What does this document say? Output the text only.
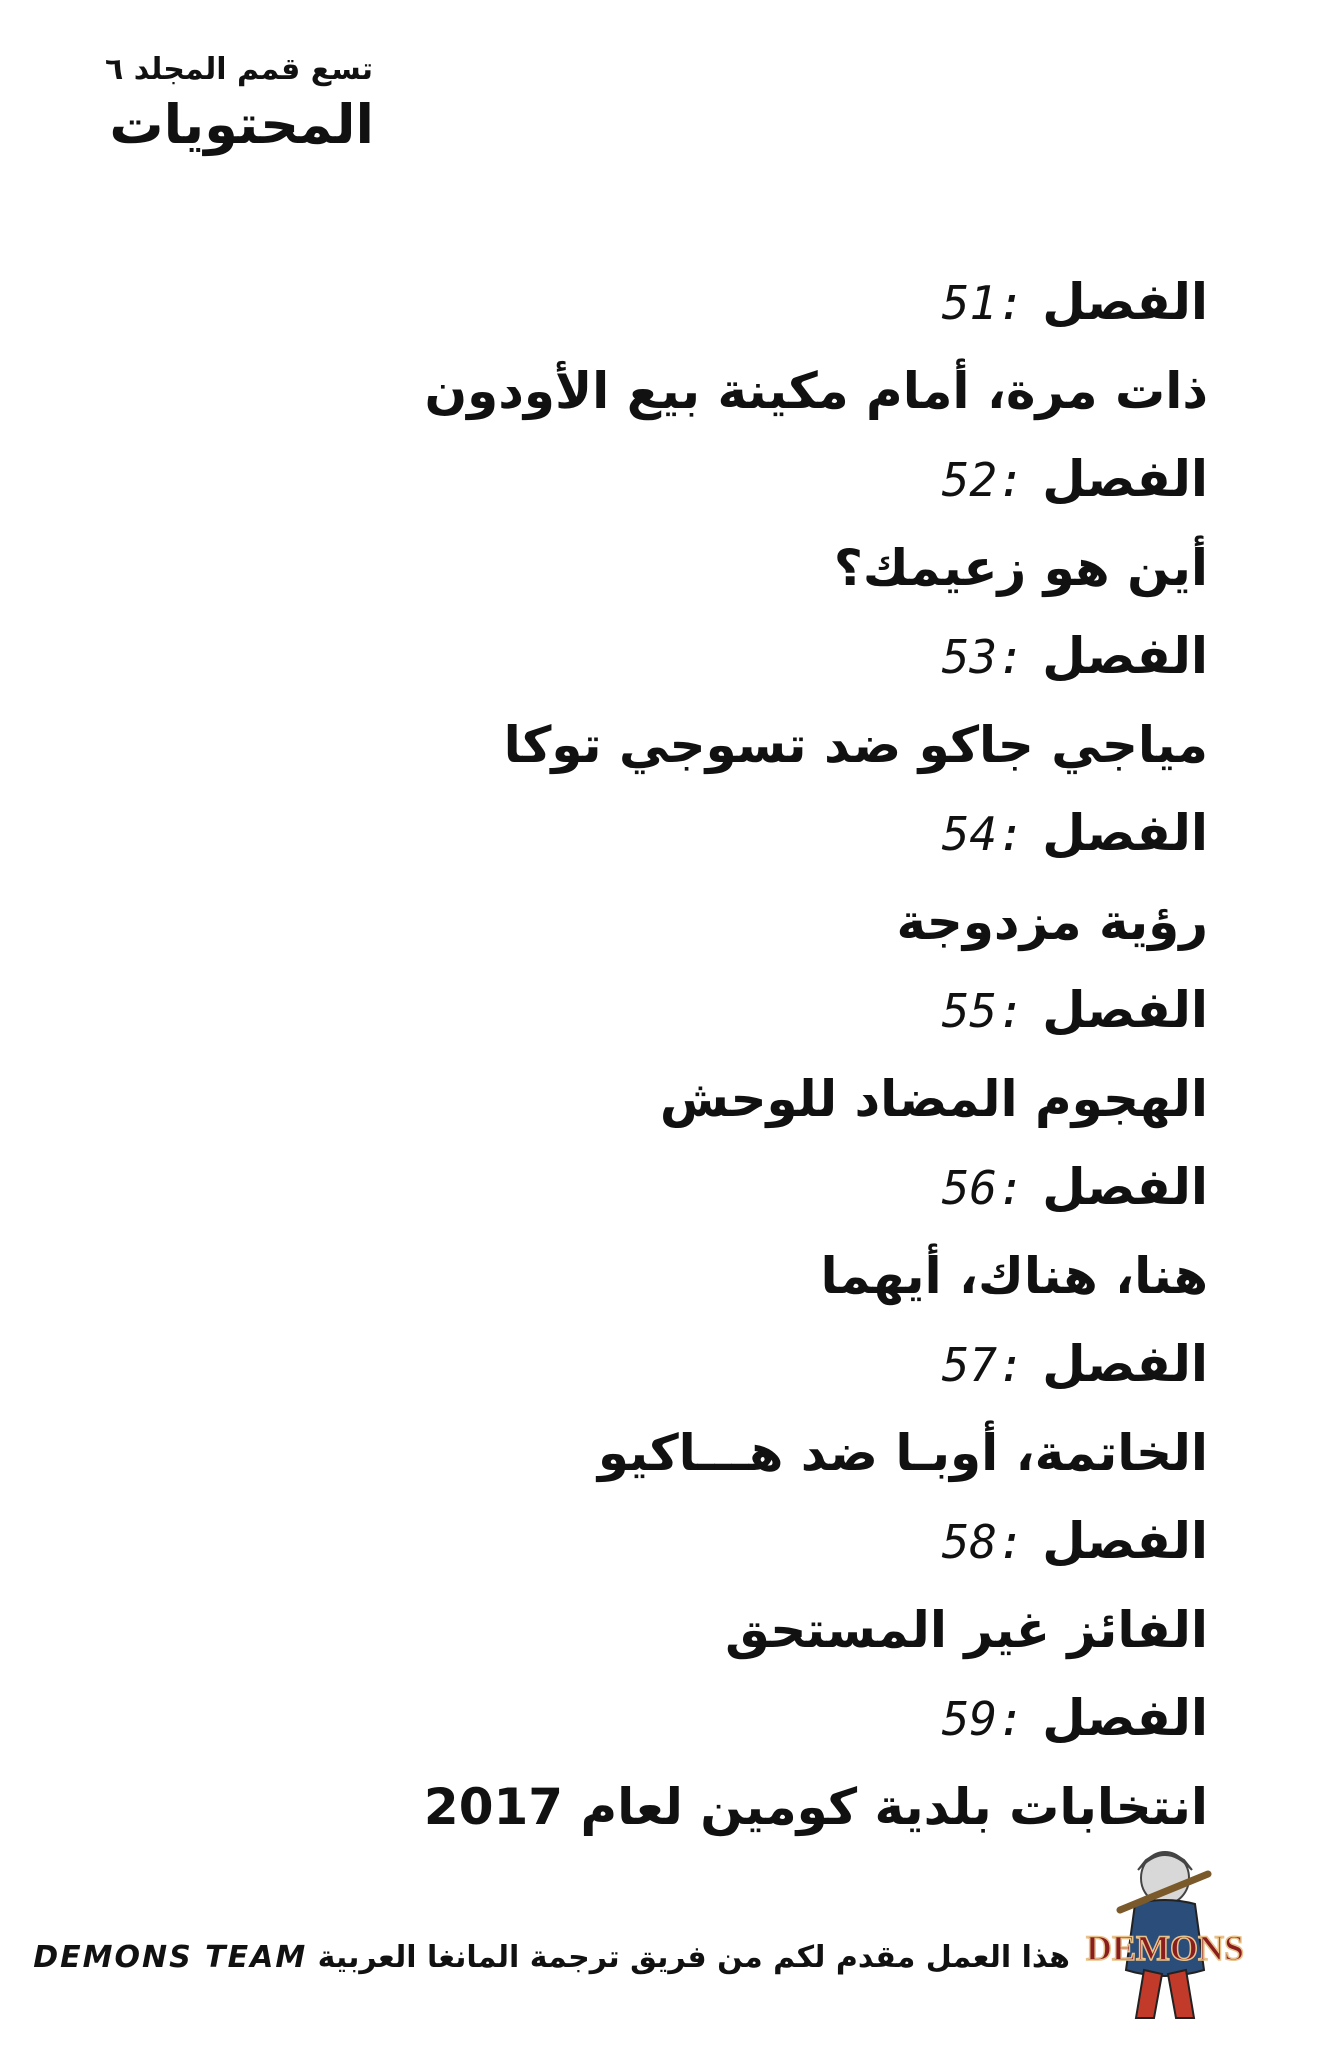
تسع قمم المجلد ٦
المحتويات
الفصل 51:
ذات مرة، أمام مكينة بيع الأودون
الفصل 52:
أين هو زعيمك؟
الفصل 53:
مياجي جاكو ضد تسوجي توكا
الفصل 54:
رؤية مزدوجة
الفصل 55:
الهجوم المضاد للوحش
الفصل 56:
هنا، هناك، أيهما
الفصل 57:
الخاتمة، أوبـا ضد هـــاكيو
الفصل 58:
الفائز غير المستحق
الفصل 59:
انتخابات بلدية كومين لعام 2017
DEMONS
هذا العمل مقدم لكم من فريق ترجمة المانغا العربية DEMONS TEAM
